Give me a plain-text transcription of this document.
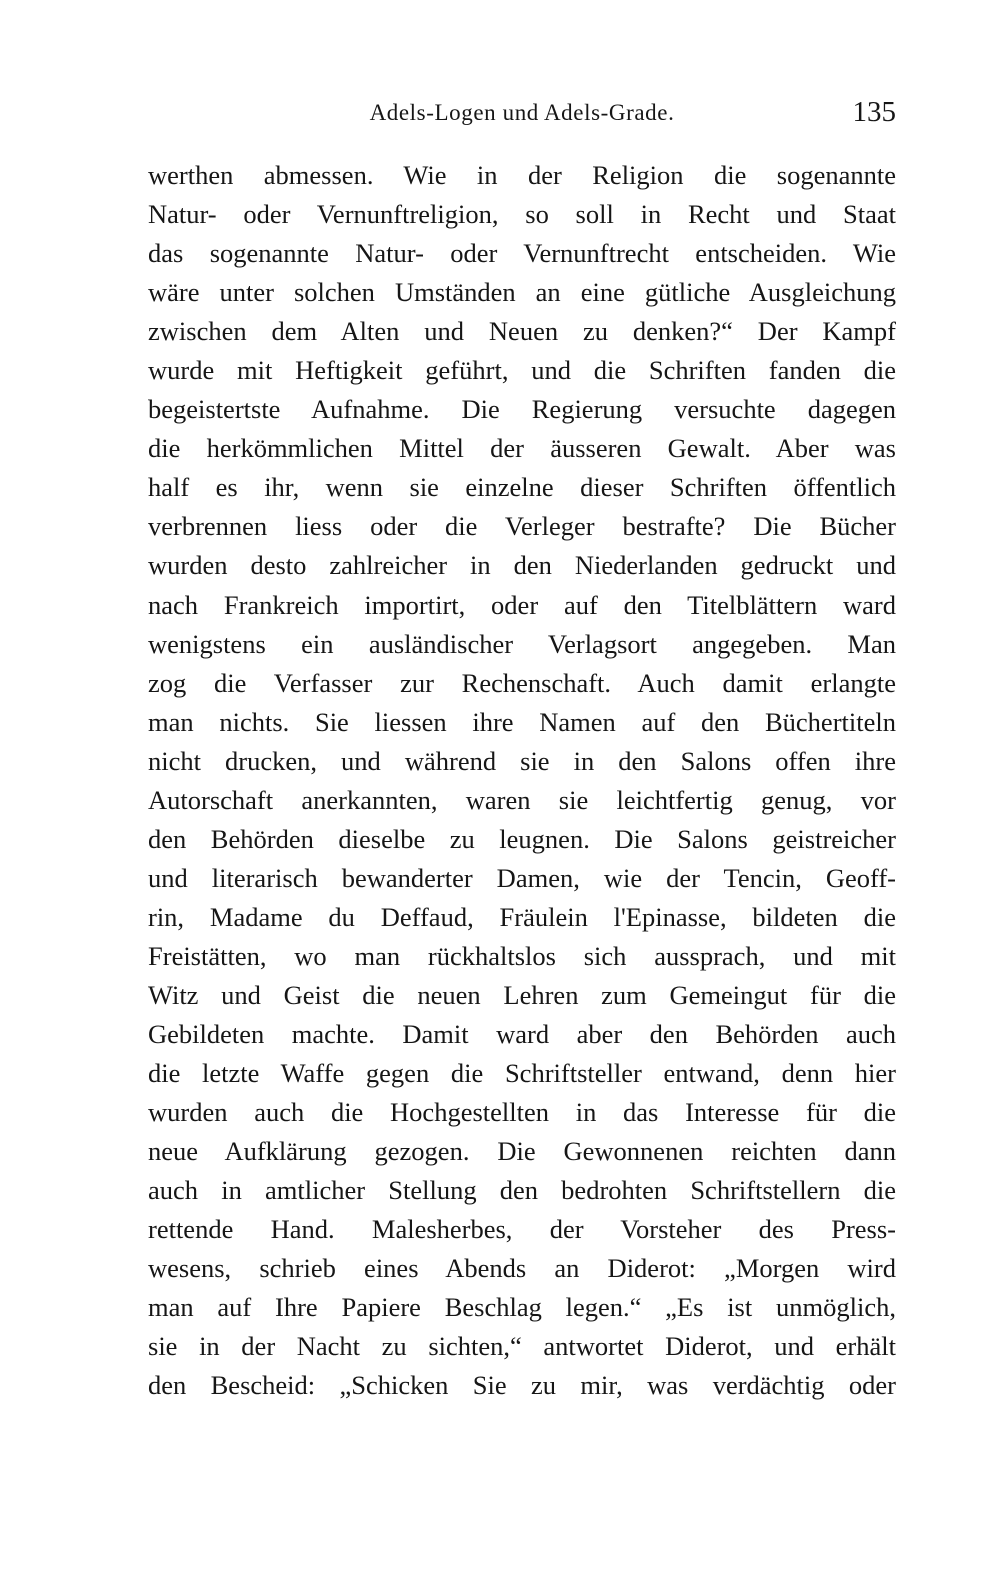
Adels-Logen und Adels-Grade.	135
werthen abmessen. Wie in der Religion die sogenannte
Natur- oder Vernunftreligion, so soll in Recht und Staat
das sogenannte Natur- oder Vernunftrecht entscheiden. Wie
wäre unter solchen Umständen an eine gütliche Ausgleichung
zwischen dem Alten und Neuen zu denken?“ Der Kampf
wurde mit Heftigkeit geführt, und die Schriften fanden die
begeistertste Aufnahme. Die Regierung versuchte dagegen
die herkömmlichen Mittel der äusseren Gewalt. Aber was
half es ihr, wenn sie einzelne dieser Schriften öffentlich
verbrennen liess oder die Verleger bestrafte? Die Bücher
wurden desto zahlreicher in den Niederlanden gedruckt und
nach Frankreich importirt, oder auf den Titelblättern ward
wenigstens ein ausländischer Verlagsort angegeben. Man
zog die Verfasser zur Rechenschaft. Auch damit erlangte
man nichts. Sie liessen ihre Namen auf den Büchertiteln
nicht drucken, und während sie in den Salons offen ihre
Autorschaft anerkannten, waren sie leichtfertig genug, vor
den Behörden dieselbe zu leugnen. Die Salons geistreicher
und literarisch bewanderter Damen, wie der Tencin, Geoff-
rin, Madame du Deffaud, Fräulein l'Epinasse, bildeten die
Freistätten, wo man rückhaltslos sich aussprach, und mit
Witz und Geist die neuen Lehren zum Gemeingut für die
Gebildeten machte. Damit ward aber den Behörden auch
die letzte Waffe gegen die Schriftsteller entwand, denn hier
wurden auch die Hochgestellten in das Interesse für die
neue Aufklärung gezogen. Die Gewonnenen reichten dann
auch in amtlicher Stellung den bedrohten Schriftstellern die
rettende Hand. Malesherbes, der Vorsteher des Press-
wesens, schrieb eines Abends an Diderot: „Morgen wird
man auf Ihre Papiere Beschlag legen.“ „Es ist unmöglich,
sie in der Nacht zu sichten,“ antwortet Diderot, und erhält
den Bescheid: „Schicken Sie zu mir, was verdächtig oder
